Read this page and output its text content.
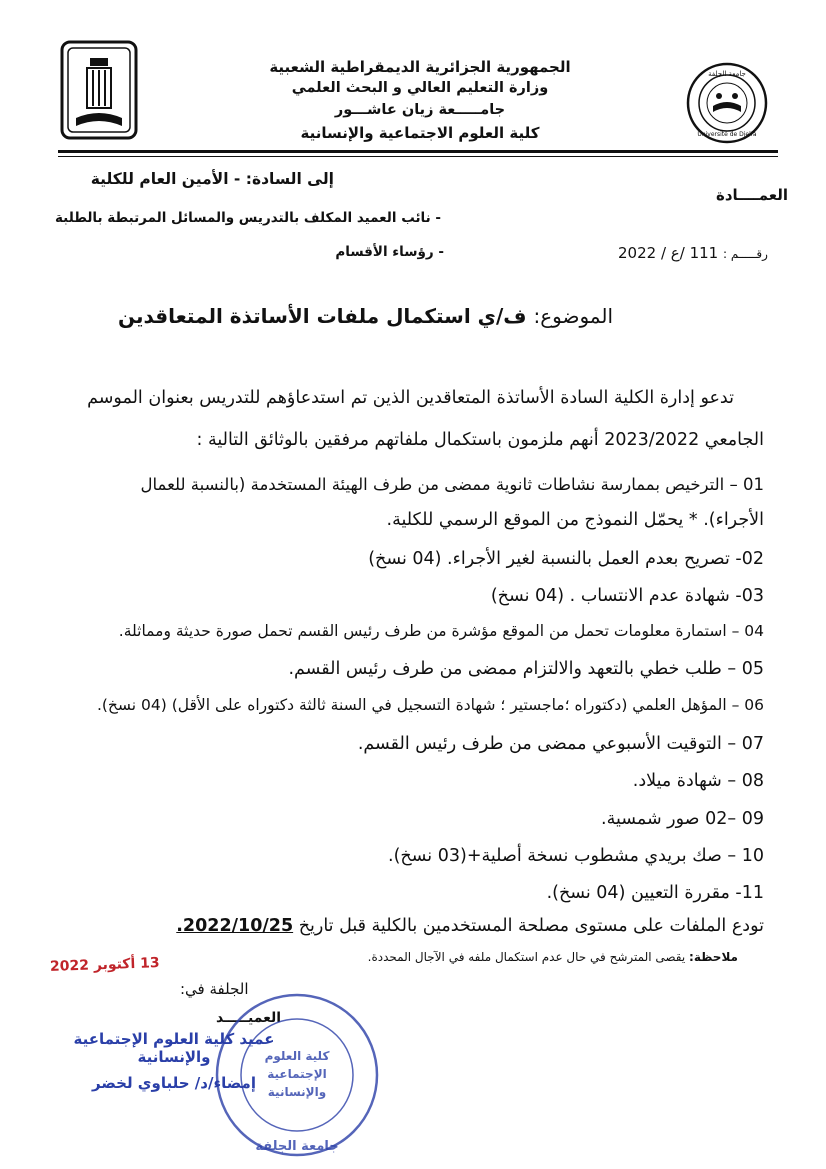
الجمهورية الجزائرية الديمقراطية الشعبية
وزارة التعليم العالي و البحث العلمي
جامـــــعة زيان عاشـــور
كلية العلوم الاجتماعية والإنسانية	Université de Djelfa
جامعة الجلفة
العمــــادة
إلى السادة: - الأمين العام للكلية
- نائب العميد المكلف بالتدريس والمسائل المرتبطة بالطلبة
- رؤساء الأقسام	رقـــــم : 111 /ع / 2022
الموضوع: ف/ي استكمال ملفات الأساتذة المتعاقدين
تدعو إدارة الكلية السادة الأساتذة المتعاقدين الذين تم استدعاؤهم للتدريس بعنوان الموسم
الجامعي 2023/2022 أنهم ملزمون باستكمال ملفاتهم مرفقين بالوثائق التالية :
01 – الترخيص بممارسة نشاطات ثانوية ممضى من طرف الهيئة المستخدمة (بالنسبة للعمال
الأجراء). * يحمّل النموذج من الموقع الرسمي للكلية.
02- تصريح بعدم العمل بالنسبة لغير الأجراء. (04 نسخ)
03- شهادة عدم الانتساب . (04 نسخ)
04 – استمارة معلومات تحمل من الموقع مؤشرة من طرف رئيس القسم تحمل صورة حديثة ومماثلة.
05 – طلب خطي بالتعهد والالتزام ممضى من طرف رئيس القسم.
06 – المؤهل العلمي (دكتوراه ؛ماجستير ؛ شهادة التسجيل في السنة ثالثة دكتوراه على الأقل) (04 نسخ).
07 – التوقيت الأسبوعي ممضى من طرف رئيس القسم.
08 – شهادة ميلاد.
09 –02 صور شمسية.
10 – صك بريدي مشطوب نسخة أصلية+(03 نسخ).
11- مقررة التعيين (04 نسخ).
تودع الملفات على مستوى مصلحة المستخدمين بالكلية قبل تاريخ 2022/10/25.
ملاحظة: يقصى المترشح في حال عدم استكمال ملفه في الآجال المحددة.
13 أكتوبر 2022
الجلفة في:
العميـــــد
عميد كلية العلوم الإجتماعية
والإنسانية
إمضاء/د/ حلباوي لخضر
كلية العلوم
الإجتماعية
والإنسانية
جامعة الجلفة
